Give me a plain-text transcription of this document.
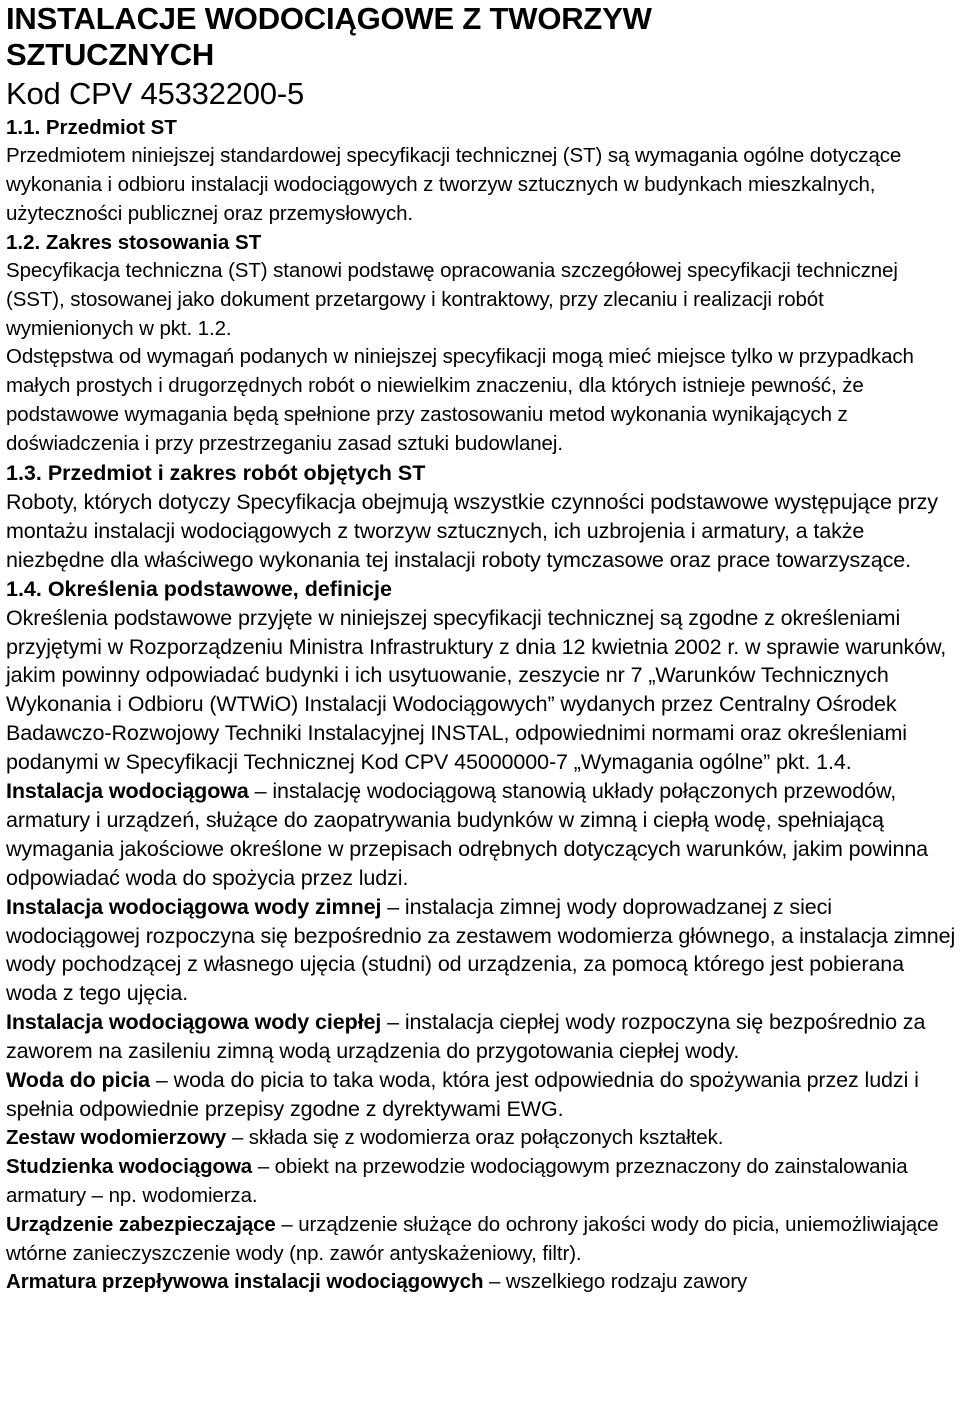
INSTALACJE WODOCIĄGOWE Z TWORZYW
SZTUCZNYCH

Kod CPV 45332200-5

1.1. Przedmiot ST

Przedmiotem niniejszej standardowej specyfikacji technicznej (ST) są wymagania ogólne dotyczące wykonania i odbioru instalacji wodociągowych z tworzyw sztucznych w budynkach mieszkalnych, użyteczności publicznej oraz przemysłowych.

1.2. Zakres stosowania ST

Specyfikacja techniczna (ST) stanowi podstawę opracowania szczegółowej specyfikacji technicznej (SST), stosowanej jako dokument przetargowy i kontraktowy, przy zlecaniu i realizacji robót wymienionych w pkt. 1.2.

Odstępstwa od wymagań podanych w niniejszej specyfikacji mogą mieć miejsce tylko w przypadkach małych prostych i drugorzędnych robót o niewielkim znaczeniu, dla których istnieje pewność, że podstawowe wymagania będą spełnione przy zastosowaniu metod wykonania wynikających z doświadczenia i przy przestrzeganiu zasad sztuki budowlanej.

1.3. Przedmiot i zakres robót objętych ST

Roboty, których dotyczy Specyfikacja obejmują wszystkie czynności podstawowe występujące przy montażu instalacji wodociągowych z tworzyw sztucznych, ich uzbrojenia i armatury, a także niezbędne dla właściwego wykonania tej instalacji roboty tymczasowe oraz prace towarzyszące.

1.4. Określenia podstawowe, definicje

Określenia podstawowe przyjęte w niniejszej specyfikacji technicznej są zgodne z określeniami przyjętymi w Rozporządzeniu Ministra Infrastruktury z dnia 12 kwietnia 2002 r. w sprawie warunków, jakim powinny odpowiadać budynki i ich usytuowanie, zeszycie nr 7 „Warunków Technicznych Wykonania i Odbioru (WTWiO) Instalacji Wodociągowych” wydanych przez Centralny Ośrodek Badawczo-Rozwojowy Techniki Instalacyjnej INSTAL, odpowiednimi normami oraz określeniami podanymi w Specyfikacji Technicznej Kod CPV 45000000-7 „Wymagania ogólne” pkt. 1.4.

Instalacja wodociągowa – instalację wodociągową stanowią układy połączonych przewodów, armatury i urządzeń, służące do zaopatrywania budynków w zimną i ciepłą wodę, spełniającą wymagania jakościowe określone w przepisach odrębnych dotyczących warunków, jakim powinna odpowiadać woda do spożycia przez ludzi.

Instalacja wodociągowa wody zimnej – instalacja zimnej wody doprowadzanej z sieci wodociągowej rozpoczyna się bezpośrednio za zestawem wodomierza głównego, a instalacja zimnej wody pochodzącej z własnego ujęcia (studni) od urządzenia, za pomocą którego jest pobierana woda z tego ujęcia.

Instalacja wodociągowa wody ciepłej – instalacja ciepłej wody rozpoczyna się bezpośrednio za zaworem na zasileniu zimną wodą urządzenia do przygotowania ciepłej wody.

Woda do picia – woda do picia to taka woda, która jest odpowiednia do spożywania przez ludzi i spełnia odpowiednie przepisy zgodne z dyrektywami EWG.

Zestaw wodomierzowy – składa się z wodomierza oraz połączonych kształtek.

Studzienka wodociągowa – obiekt na przewodzie wodociągowym przeznaczony do zainstalowania armatury – np. wodomierza.

Urządzenie zabezpieczające – urządzenie służące do ochrony jakości wody do picia, uniemożliwiające wtórne zanieczyszczenie wody (np. zawór antyskażeniowy, filtr).

Armatura przepływowa instalacji wodociągowych – wszelkiego rodzaju zawory
